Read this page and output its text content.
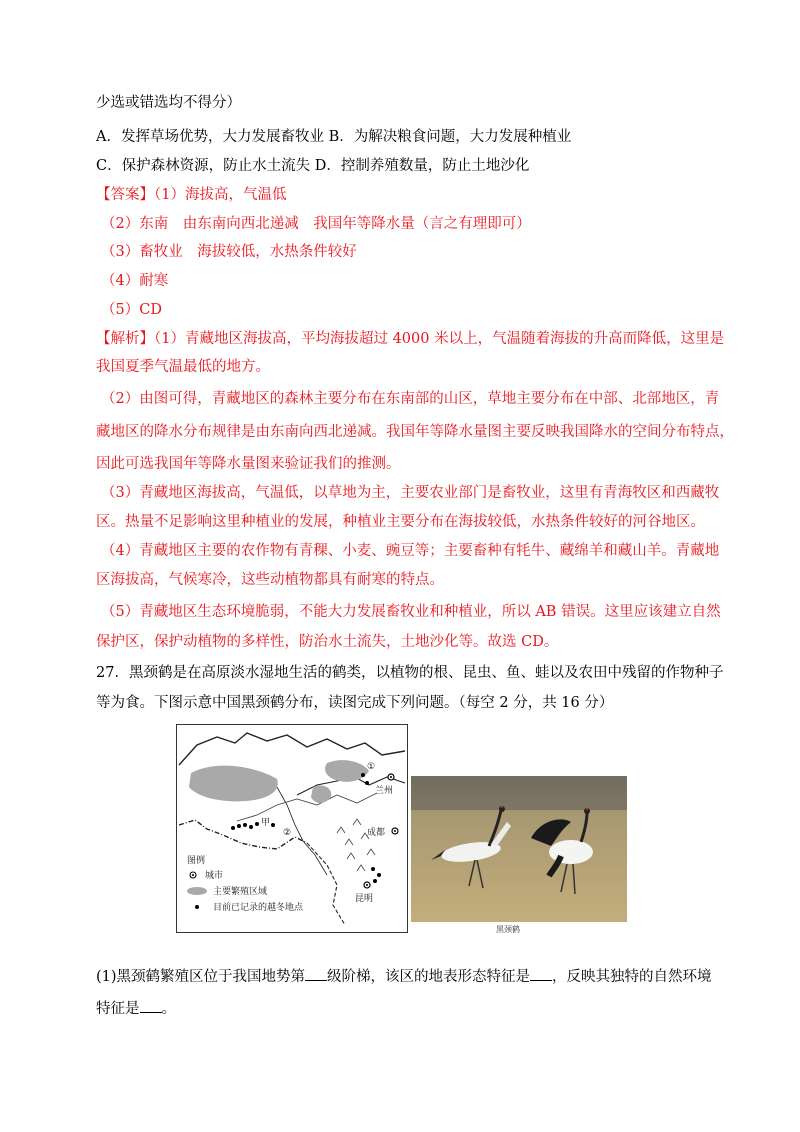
少选或错选均不得分）
A．发挥草场优势，大力发展畜牧业 B．为解决粮食问题，大力发展种植业
C．保护森林资源，防止水土流失 D．控制养殖数量，防止土地沙化
【答案】（1）海拔高，气温低
（2）东南　由东南向西北递减　我国年等降水量（言之有理即可）
（3）畜牧业　海拔较低，水热条件较好
（4）耐寒
（5）CD
【解析】（1）青藏地区海拔高，平均海拔超过 4000 米以上，气温随着海拔的升高而降低，这里是
我国夏季气温最低的地方。
（2）由图可得，青藏地区的森林主要分布在东南部的山区，草地主要分布在中部、北部地区，青
藏地区的降水分布规律是由东南向西北递减。我国年等降水量图主要反映我国降水的空间分布特点，
因此可选我国年等降水量图来验证我们的推测。
（3）青藏地区海拔高，气温低，以草地为主，主要农业部门是畜牧业，这里有青海牧区和西藏牧
区。热量不足影响这里种植业的发展，种植业主要分布在海拔较低，水热条件较好的河谷地区。
（4）青藏地区主要的农作物有青稞、小麦、豌豆等；主要畜种有牦牛、藏绵羊和藏山羊。青藏地
区海拔高，气候寒冷，这些动植物都具有耐寒的特点。
（5）青藏地区生态环境脆弱，不能大力发展畜牧业和种植业，所以 AB 错误。这里应该建立自然
保护区，保护动植物的多样性，防治水土流失，土地沙化等。故选 CD。
27．黑颈鹤是在高原淡水湿地生活的鹤类，以植物的根、昆虫、鱼、蛙以及农田中残留的作物种子
等为食。下图示意中国黑颈鹤分布，读图完成下列问题。（每空 2 分，共 16 分）
兰州
成都
昆明
甲
①
②
图例
城市
主要繁殖区域
目前已记录的越冬地点
黑颈鹤
(1)黑颈鹤繁殖区位于我国地势第 级阶梯，该区的地表形态特征是 ，反映其独特的自然环境
特征是 。
